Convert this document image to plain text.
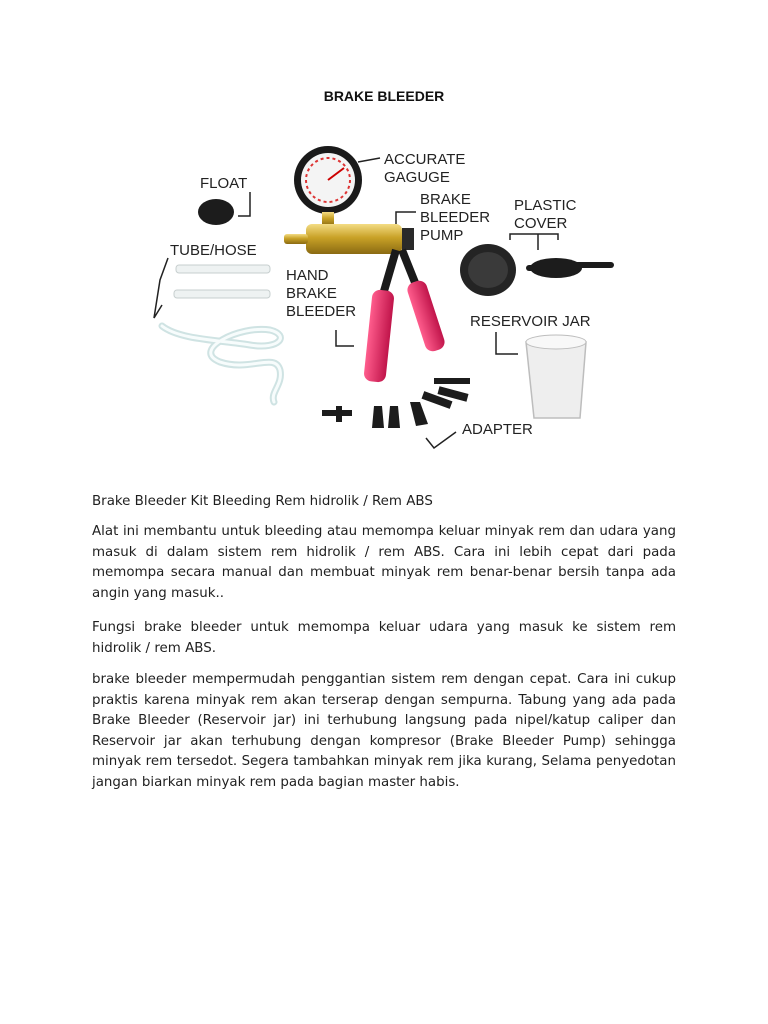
BRAKE BLEEDER
FLOAT
TUBE/HOSE
ACCURATE
GAGUGE
BRAKE
BLEEDER
PUMP
HAND
BRAKE
BLEEDER
PLASTIC
COVER
RESERVOIR JAR
ADAPTER
Brake Bleeder Kit Bleeding Rem hidrolik / Rem ABS
Alat ini membantu untuk bleeding atau memompa keluar minyak rem dan udara yang masuk di dalam sistem rem hidrolik / rem ABS. Cara ini lebih cepat dari pada memompa secara manual dan membuat minyak rem benar-benar bersih tanpa ada angin yang masuk..
Fungsi brake bleeder untuk memompa keluar udara yang masuk ke sistem rem hidrolik / rem ABS.
brake bleeder mempermudah penggantian sistem rem dengan cepat. Cara ini cukup praktis karena minyak rem akan terserap dengan sempurna. Tabung yang ada pada Brake Bleeder (Reservoir jar) ini terhubung langsung pada nipel/katup caliper dan Reservoir jar akan terhubung dengan kompresor (Brake Bleeder Pump) sehingga minyak rem tersedot. Segera tambahkan minyak rem jika kurang, Selama penyedotan jangan biarkan minyak rem pada bagian master habis.
